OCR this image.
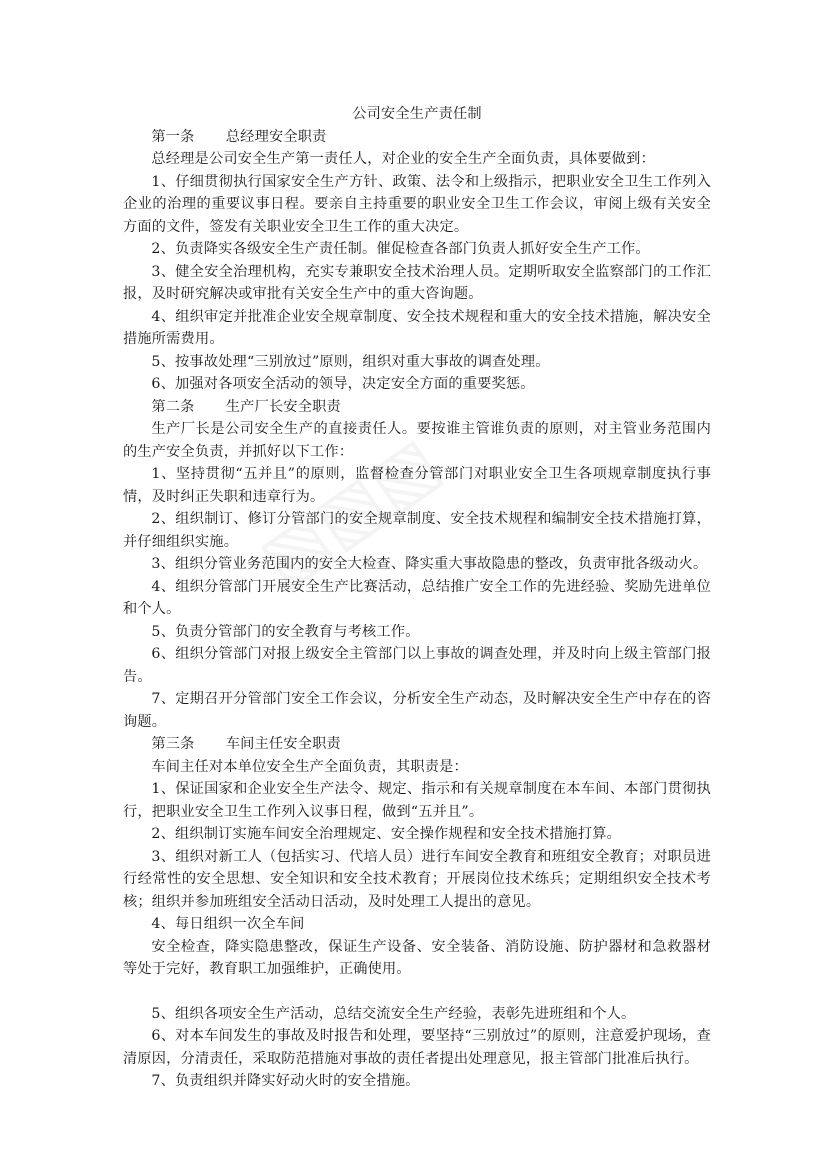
公司安全生产责任制

第一条 总经理安全职责

总经理是公司安全生产第一责任人，对企业的安全生产全面负责，具体要做到：

1、仔细贯彻执行国家安全生产方针、政策、法令和上级指示，把职业安全卫生工作列入企业的治理的重要议事日程。要亲自主持重要的职业安全卫生工作会议，审阅上级有关安全方面的文件，签发有关职业安全卫生工作的重大决定。

2、负责降实各级安全生产责任制。催促检查各部门负责人抓好安全生产工作。

3、健全安全治理机构，充实专兼职安全技术治理人员。定期听取安全监察部门的工作汇报，及时研究解决或审批有关安全生产中的重大咨询题。

4、组织审定并批准企业安全规章制度、安全技术规程和重大的安全技术措施，解决安全措施所需费用。

5、按事故处理“三别放过”原则，组织对重大事故的调查处理。

6、加强对各项安全活动的领导，决定安全方面的重要奖惩。

第二条 生产厂长安全职责

生产厂长是公司安全生产的直接责任人。要按谁主管谁负责的原则，对主管业务范围内的生产安全负责，并抓好以下工作：

1、坚持贯彻“五并且”的原则，监督检查分管部门对职业安全卫生各项规章制度执行事情，及时纠正失职和违章行为。

2、组织制订、修订分管部门的安全规章制度、安全技术规程和编制安全技术措施打算，并仔细组织实施。

3、组织分管业务范围内的安全大检查、降实重大事故隐患的整改，负责审批各级动火。

4、组织分管部门开展安全生产比赛活动，总结推广安全工作的先进经验、奖励先进单位和个人。

5、负责分管部门的安全教育与考核工作。

6、组织分管部门对报上级安全主管部门以上事故的调查处理，并及时向上级主管部门报告。

7、定期召开分管部门安全工作会议，分析安全生产动态，及时解决安全生产中存在的咨询题。

第三条 车间主任安全职责

车间主任对本单位安全生产全面负责，其职责是：

1、保证国家和企业安全生产法令、规定、指示和有关规章制度在本车间、本部门贯彻执行，把职业安全卫生工作列入议事日程，做到“五并且”。

2、组织制订实施车间安全治理规定、安全操作规程和安全技术措施打算。

3、组织对新工人（包括实习、代培人员）进行车间安全教育和班组安全教育；对职员进行经常性的安全思想、安全知识和安全技术教育；开展岗位技术练兵；定期组织安全技术考核；组织并参加班组安全活动日活动，及时处理工人提出的意见。

4、每日组织一次全车间

安全检查，降实隐患整改，保证生产设备、安全装备、消防设施、防护器材和急救器材等处于完好，教育职工加强维护，正确使用。

5、组织各项安全生产活动，总结交流安全生产经验，表彰先进班组和个人。

6、对本车间发生的事故及时报告和处理，要坚持“三别放过”的原则，注意爱护现场，查清原因，分清责任，采取防范措施对事故的责任者提出处理意见，报主管部门批准后执行。

7、负责组织并降实好动火时的安全措施。
